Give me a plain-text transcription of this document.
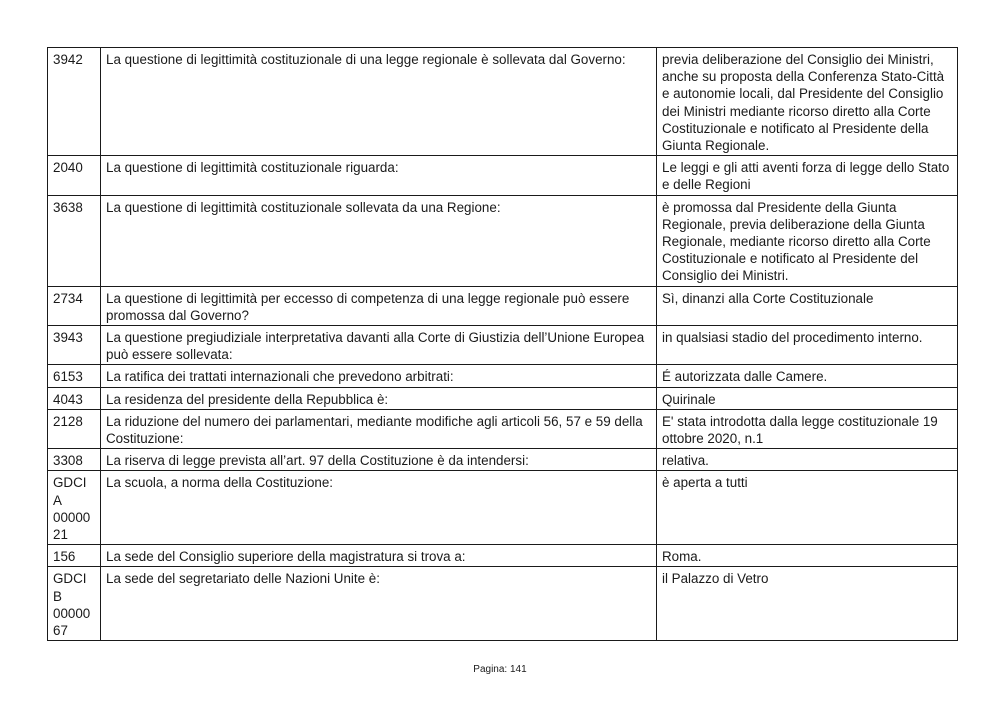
3942	La questione di legittimità costituzionale di una legge regionale è sollevata dal Governo:	previa deliberazione del Consiglio dei Ministri, anche su proposta della Conferenza Stato-Città e autonomie locali, dal Presidente del Consiglio dei Ministri mediante ricorso diretto alla Corte Costituzionale e notificato al Presidente della Giunta Regionale.
2040	La questione di legittimità costituzionale riguarda:	Le leggi e gli atti aventi forza di legge dello Stato e delle Regioni
3638	La questione di legittimità costituzionale sollevata da una Regione:	è promossa dal Presidente della Giunta Regionale, previa deliberazione della Giunta Regionale, mediante ricorso diretto alla Corte Costituzionale e notificato al Presidente del Consiglio dei Ministri.
2734	La questione di legittimità per eccesso di competenza di una legge regionale può essere promossa dal Governo?	Sì, dinanzi alla Corte Costituzionale
3943	La questione pregiudiziale interpretativa davanti alla Corte di Giustizia dell’Unione Europea può essere sollevata:	in qualsiasi stadio del procedimento interno.
6153	La ratifica dei trattati internazionali che prevedono arbitrati:	É autorizzata dalle Camere.
4043	La residenza del presidente della Repubblica è:	Quirinale
2128	La riduzione del numero dei parlamentari, mediante modifiche agli articoli 56, 57 e 59 della Costituzione:	E' stata introdotta dalla legge costituzionale 19 ottobre 2020, n.1
3308	La riserva di legge prevista all’art. 97 della Costituzione è da intendersi:	relativa.
GDCIA 00000 21	La scuola, a norma della Costituzione:	è aperta a tutti
156	La sede del Consiglio superiore della magistratura si trova a:	Roma.
GDCIB 00000 67	La sede del segretariato delle Nazioni Unite è:	il Palazzo di Vetro
Pagina: 141
